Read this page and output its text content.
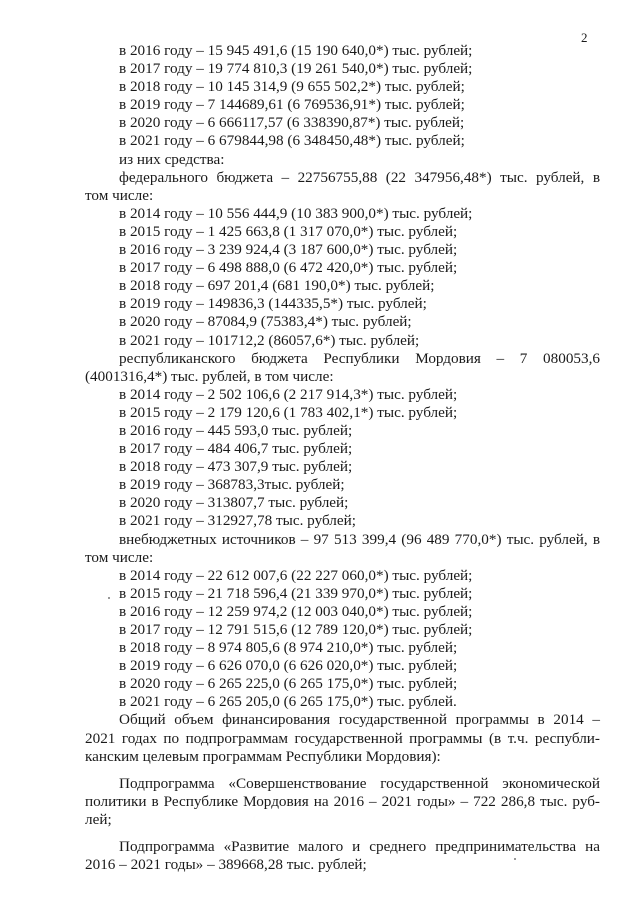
2
в 2016 году – 15 945 491,6 (15 190 640,0*) тыс. рублей;
в 2017 году – 19 774 810,3 (19 261 540,0*) тыс. рублей;
в 2018 году – 10 145 314,9 (9 655 502,2*) тыс. рублей;
в 2019 году – 7 144689,61 (6 769536,91*) тыс. рублей;
в 2020 году – 6 666117,57 (6 338390,87*) тыс. рублей;
в 2021 году – 6 679844,98 (6 348450,48*) тыс. рублей;
из них средства:
федерального бюджета – 22756755,88 (22 347956,48*) тыс. рублей, в
том числе:
в 2014 году – 10 556 444,9 (10 383 900,0*) тыс. рублей;
в 2015 году – 1 425 663,8 (1 317 070,0*) тыс. рублей;
в 2016 году – 3 239 924,4 (3 187 600,0*) тыс. рублей;
в 2017 году – 6 498 888,0 (6 472 420,0*) тыс. рублей;
в 2018 году – 697 201,4 (681 190,0*) тыс. рублей;
в 2019 году – 149836,3 (144335,5*) тыс. рублей;
в 2020 году – 87084,9 (75383,4*) тыс. рублей;
в 2021 году – 101712,2 (86057,6*) тыс. рублей;
республиканского бюджета Республики Мордовия – 7 080053,6
(4001316,4*) тыс. рублей, в том числе:
в 2014 году – 2 502 106,6 (2 217 914,3*) тыс. рублей;
в 2015 году – 2 179 120,6 (1 783 402,1*) тыс. рублей;
в 2016 году – 445 593,0 тыс. рублей;
в 2017 году – 484 406,7 тыс. рублей;
в 2018 году – 473 307,9 тыс. рублей;
в 2019 году – 368783,3тыс. рублей;
в 2020 году – 313807,7 тыс. рублей;
в 2021 году – 312927,78 тыс. рублей;
внебюджетных источников – 97 513 399,4 (96 489 770,0*) тыс. рублей, в
том числе:
в 2014 году – 22 612 007,6 (22 227 060,0*) тыс. рублей;
в 2015 году – 21 718 596,4 (21 339 970,0*) тыс. рублей;
в 2016 году – 12 259 974,2 (12 003 040,0*) тыс. рублей;
в 2017 году – 12 791 515,6 (12 789 120,0*) тыс. рублей;
в 2018 году – 8 974 805,6 (8 974 210,0*) тыс. рублей;
в 2019 году – 6 626 070,0 (6 626 020,0*) тыс. рублей;
в 2020 году – 6 265 225,0 (6 265 175,0*) тыс. рублей;
в 2021 году – 6 265 205,0 (6 265 175,0*) тыс. рублей.
Общий объем финансирования государственной программы в 2014 –
2021 годах по подпрограммам государственной программы (в т.ч. республи-
канским целевым программам Республики Мордовия):
Подпрограмма «Совершенствование государственной экономической
политики в Республике Мордовия на 2016 – 2021 годы» – 722 286,8 тыс. руб-
лей;
Подпрограмма «Развитие малого и среднего предпринимательства на
2016 – 2021 годы» – 389668,28 тыс. рублей;
